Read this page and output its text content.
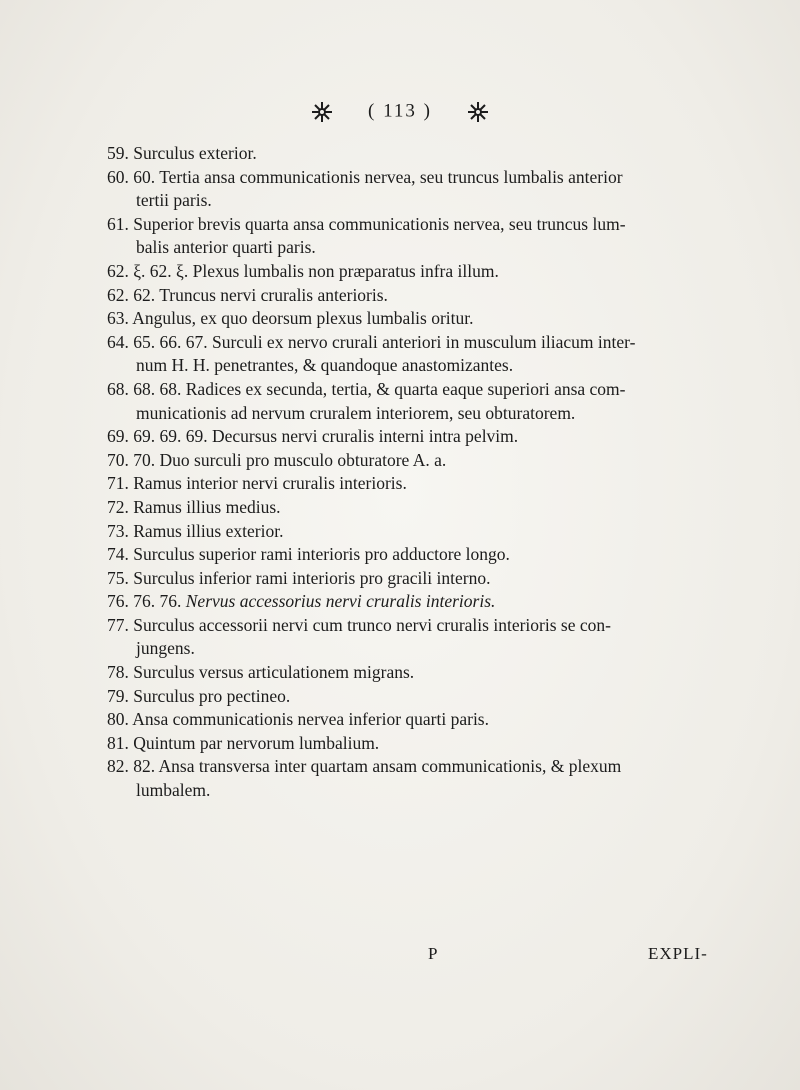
( 113 )
59. Surculus exterior.
60. 60. Tertia ansa communicationis nervea, seu truncus lumbalis anterior
tertii paris.
61. Superior brevis quarta ansa communicationis nervea, seu truncus lum-
balis anterior quarti paris.
62. ξ. 62. ξ. Plexus lumbalis non præparatus infra illum.
62. 62. Truncus nervi cruralis anterioris.
63. Angulus, ex quo deorsum plexus lumbalis oritur.
64. 65. 66. 67. Surculi ex nervo crurali anteriori in musculum iliacum inter-
num H. H. penetrantes, & quandoque anastomizantes.
68. 68. 68. Radices ex secunda, tertia, & quarta eaque superiori ansa com-
municationis ad nervum cruralem interiorem, seu obturatorem.
69. 69. 69. 69. Decursus nervi cruralis interni intra pelvim.
70. 70. Duo surculi pro musculo obturatore A. a.
71. Ramus interior nervi cruralis interioris.
72. Ramus illius medius.
73. Ramus illius exterior.
74. Surculus superior rami interioris pro adductore longo.
75. Surculus inferior rami interioris pro gracili interno.
76. 76. 76. Nervus accessorius nervi cruralis interioris.
77. Surculus accessorii nervi cum trunco nervi cruralis interioris se con-
jungens.
78. Surculus versus articulationem migrans.
79. Surculus pro pectineo.
80. Ansa communicationis nervea inferior quarti paris.
81. Quintum par nervorum lumbalium.
82. 82. Ansa transversa inter quartam ansam communicationis, & plexum
lumbalem.
P	EXPLI-
